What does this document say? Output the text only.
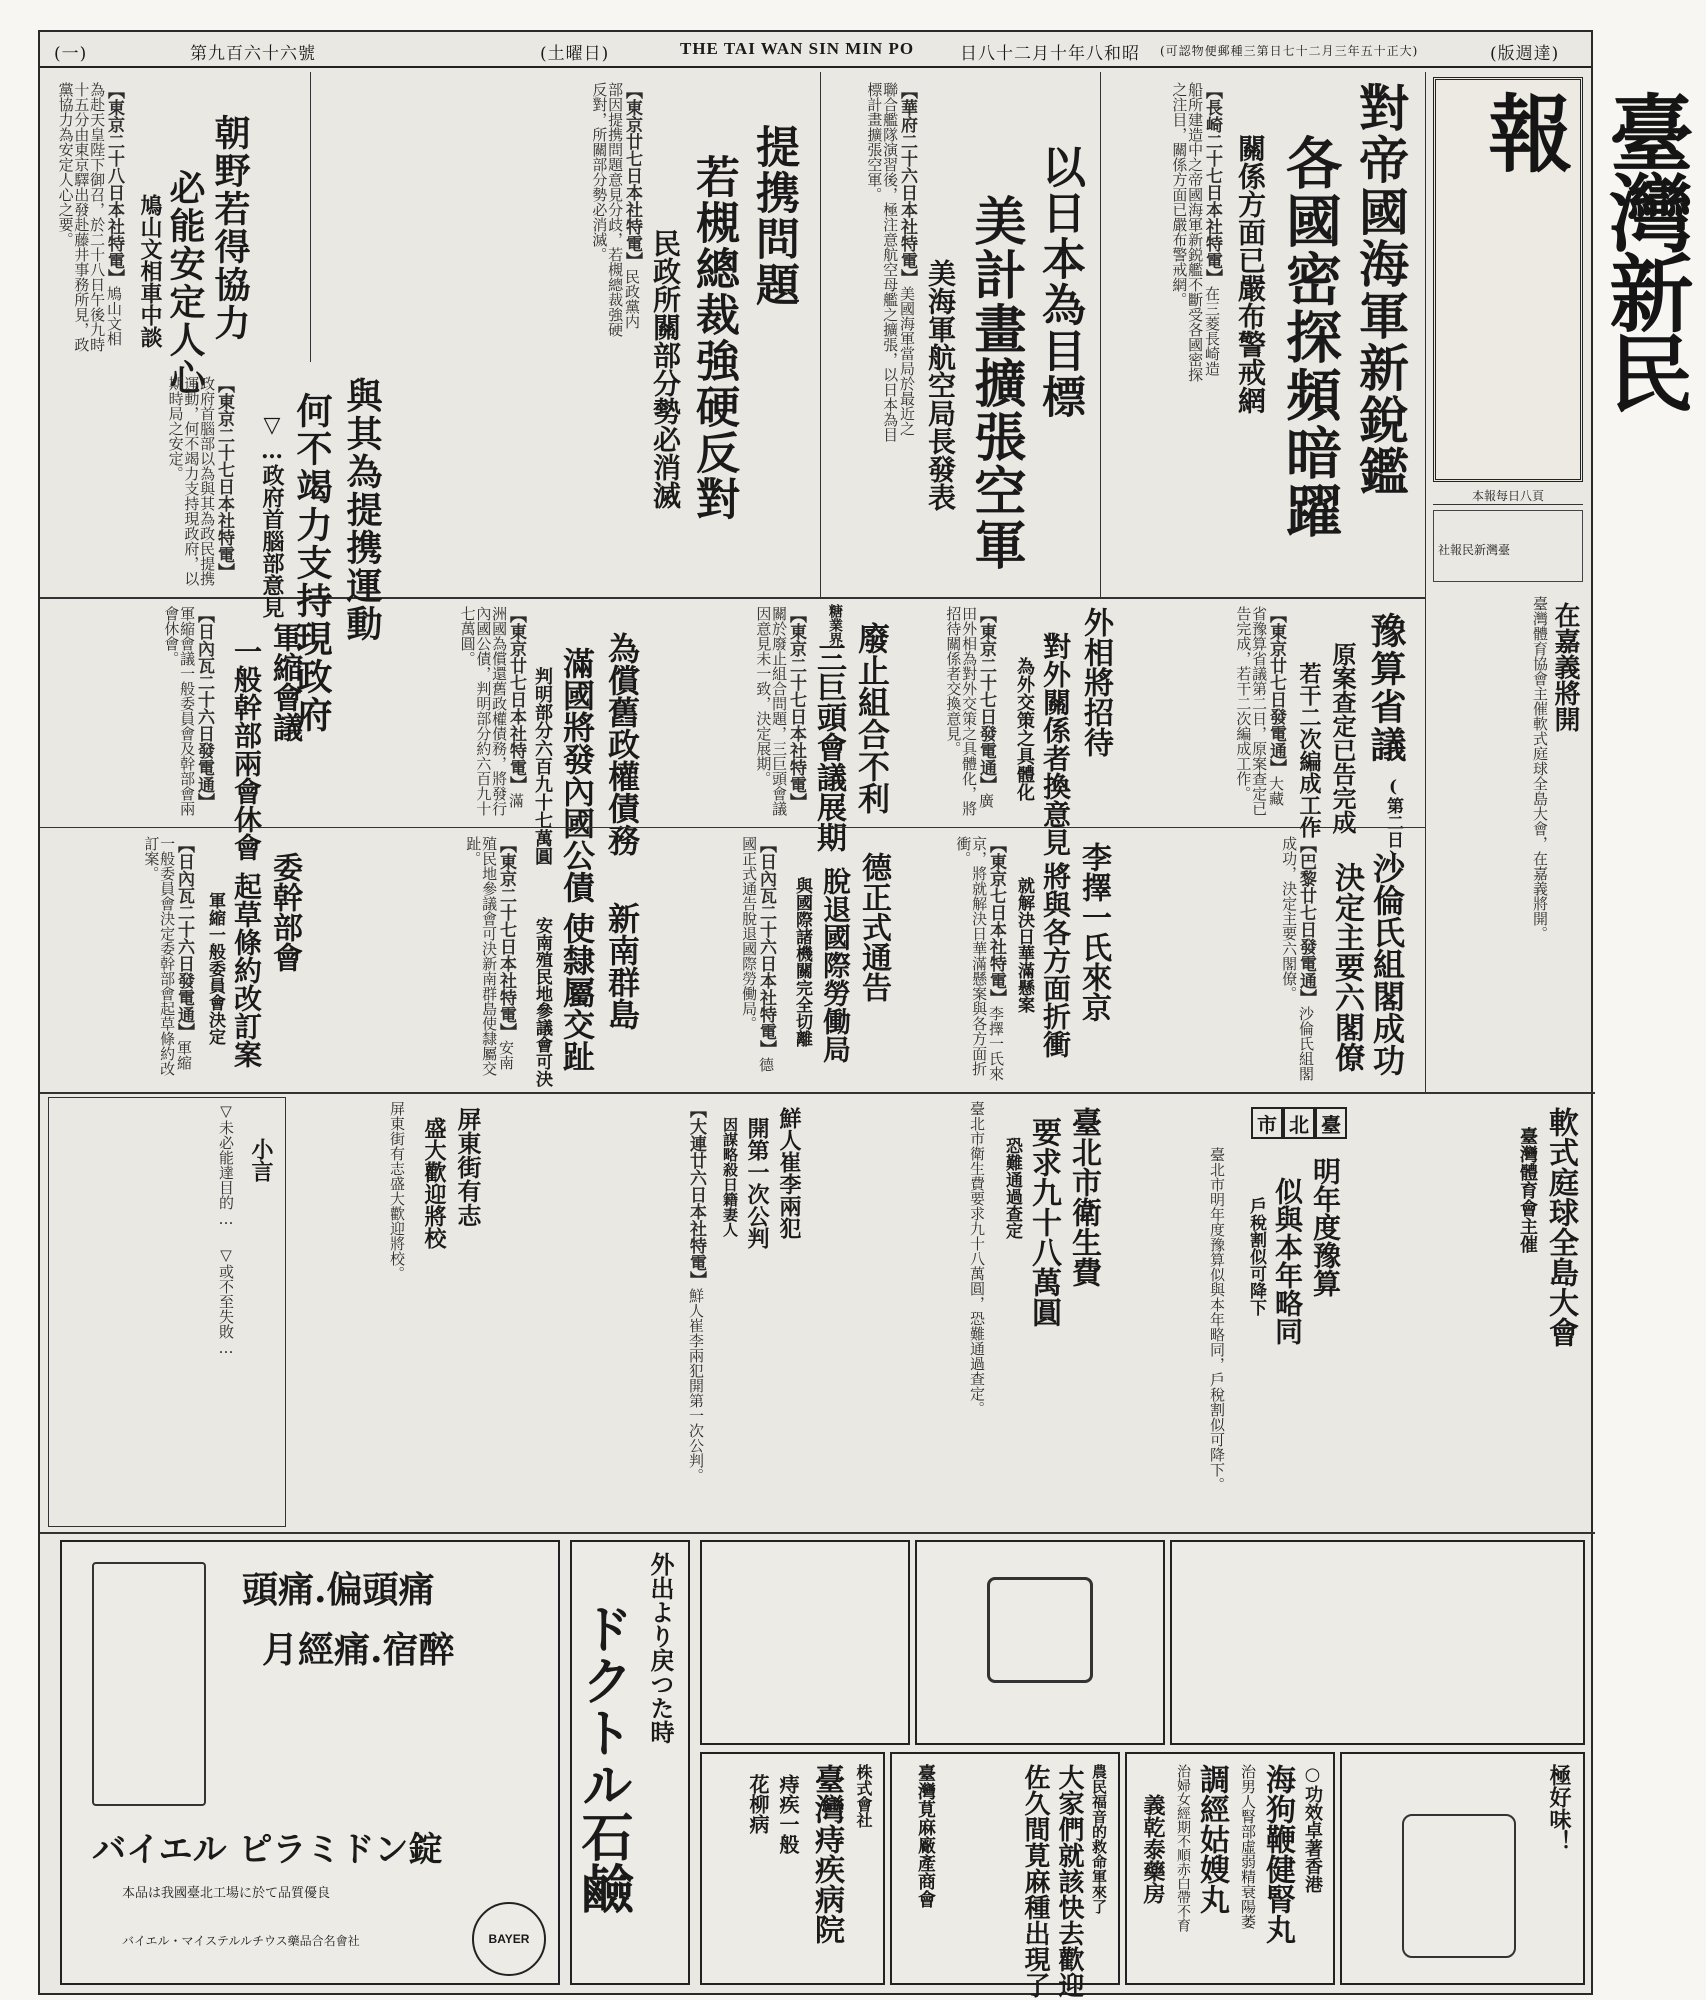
(一)	第九百六十六號	(土曜日)	THE TAI WAN SIN MIN PO	日八十二月十年八和昭 (可認物便郵種三第日七十二月三年五十正大)	(版週達)
臺灣新民報
本報每日八頁
社報民新灣臺
對帝國海軍新銳鑑
各國密探頻暗躍
關係方面已嚴布警戒網
【長崎二十七日本社特電】在三菱長崎造船所建造中之帝國海軍新鋭艦不斷受各國密探之注目，關係方面已嚴布警戒網。
以日本為目標
美計畫擴張空軍
美海軍航空局長發表
【華府二十六日本社特電】美國海軍當局於最近之聯合艦隊演習後，極注意航空母艦之擴張，以日本為目標計畫擴張空軍。
提携問題
若槻總裁強硬反對
民政所關部分勢必消滅
【東京廿七日本社特電】民政黨内部因提携問題意見分歧，若槻總裁強硬反對，所關部分勢必消滅。
朝野若得協力
必能安定人心
鳩山文相車中談
【東京二十八日本社特電】鳩山文相為赴天皇陛下御召，於二十八日午後九時十五分由東京驛出發赴藤井事務所見，政黨協力為安定人心之要。
與其為提携運動
何不竭力支持現政府
▽…政府首腦部意見
【東京二十七日本社特電】政府首腦部以為與其為政民提携運動，何不竭力支持現政府，以期時局之安定。
豫算省議
(第二日)
原案查定已告完成
若干二次編成工作
【東京廿七日發電通】大藏省豫算省議第二日，原案查定已告完成，若干二次編成工作。
外相將招待
對外關係者換意見
為外交策之具體化
【東京二十七日發電通】廣田外相為對外交策之具體化，將招待關係者交換意見。
廢止組合不利
三巨頭會議展期
糖業界
【東京二十七日本社特電】關於廢止組合問題，三巨頭會議因意見未一致，決定展期。
為償舊政權債務
滿國將發內國公債
判明部分六百九十七萬圓
【東京廿七日本社特電】滿洲國為償還舊政權債務，將發行內國公債，判明部分約六百九十七萬圓。
軍縮會議
一般幹部兩會休會
【日內瓦二十六日發電通】軍縮會議一般委員會及幹部會兩會休會。
委幹部會
起草條約改訂案
軍縮一般委員會決定
【日內瓦二十六日發電通】軍縮一般委員會決定委幹部會起草條約改訂案。
新南群島
使隸屬交趾
安南殖民地參議會可決
【東京二十七日本社特電】安南殖民地參議會可決新南群島使隸屬交趾。
德正式通告
脫退國際勞働局
與國際諸機關完全切離
【日內瓦二十六日本社特電】德國正式通告脫退國際勞働局。	李擇一氏來京
將與各方面折衝
就解決日華滿懸案
【東京七日本社特電】李擇一氏來京，將就解決日華滿懸案與各方面折衝。
沙倫氏組閣成功
決定主要六閣僚
【巴黎廿七日發電通】沙倫氏組閣成功，決定主要六閣僚。
在嘉義將開
臺灣體育協會主催軟式庭球全島大會，在嘉義將開。
軟式庭球全島大會
臺灣體育會主催
臺
北
市
明年度豫算
似與本年略同
戶稅割似可降下
臺北市明年度豫算似與本年略同，戶稅割似可降下。
臺北市衛生費
要求九十八萬圓
恐難通過查定
臺北市衛生費要求九十八萬圓，恐難通過查定。
鮮人崔李兩犯
開第一次公判
因謀略殺日籍妻人
【大連廿六日本社特電】鮮人崔李兩犯開第一次公判。
屏東街有志
盛大歡迎將校
屏東街有志盛大歡迎將校。
小言
▽未必能達目的… ▽或不至失敗…
頭痛.偏頭痛
月經痛.宿醉
バイエル ピラミドン錠
本品は我國臺北工場に於て品質優良
バイエル・マイステルルチウス藥品合名會社	BAYER
外出より戻つた時
ドクトル石鹼	株式會社
臺灣痔疾病院
痔疾一般
花柳病	農民福音的救命軍來了
大家們就該快去歡迎
佐久間莧麻種出現了
臺灣莧麻廠產商會	○功效卓著香港
海狗鞭健腎丸
治男人腎部虛弱精衰陽萎
調經姑嫂丸
治婦女經期不順赤白帶不育
義乾泰藥房	極好味！
